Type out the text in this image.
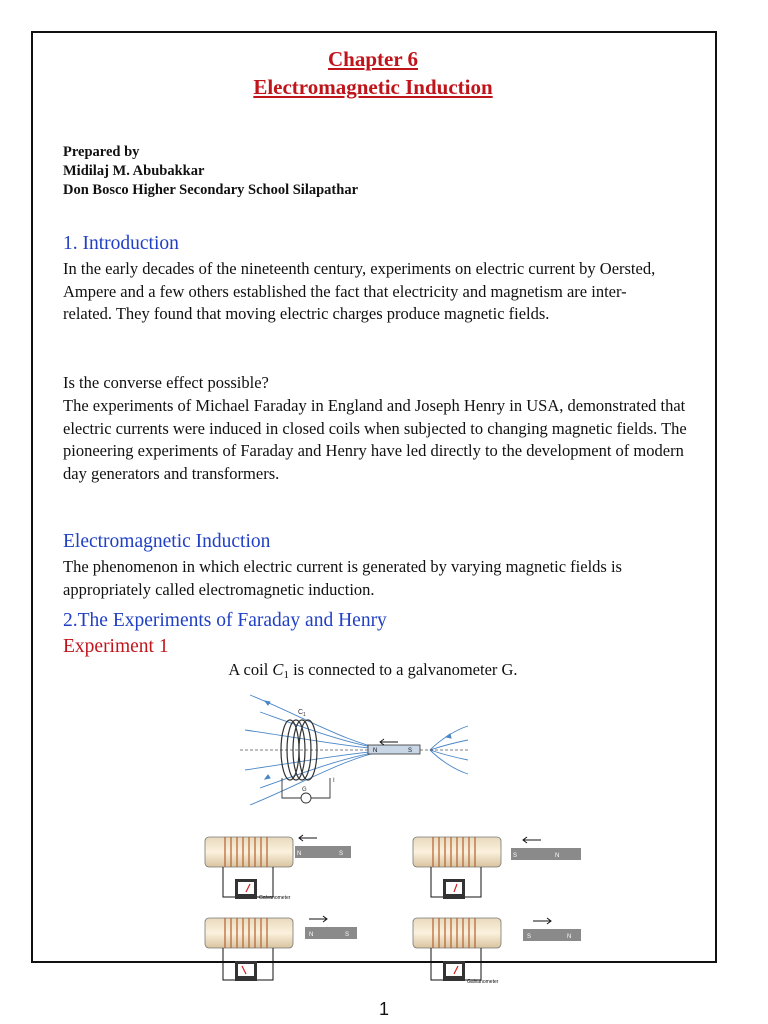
Chapter 6
Electromagnetic Induction
Prepared by
Midilaj M. Abubakkar
Don Bosco Higher Secondary School Silapathar
1. Introduction

In the early decades of the nineteenth century, experiments on electric current by Oersted, Ampere and a few others established the fact that electricity and magnetism are inter-related. They found that moving electric charges produce magnetic fields.

Is the converse effect possible?

The experiments of Michael Faraday in England and Joseph Henry in USA, demonstrated that electric currents were induced in closed coils when subjected to changing magnetic fields. The pioneering experiments of Faraday and Henry have led directly to the development of modern day generators and transformers.

Electromagnetic Induction

The phenomenon in which electric current is generated by varying magnetic fields is appropriately called electromagnetic induction.

2.The Experiments of Faraday and Henry
Experiment 1
A coil $C_1$ is connected to a galvanometer G.
C 1
N	S
G
I
N	S
Galvanometer
S	N
N	S	S	N
Galvanometer
1
